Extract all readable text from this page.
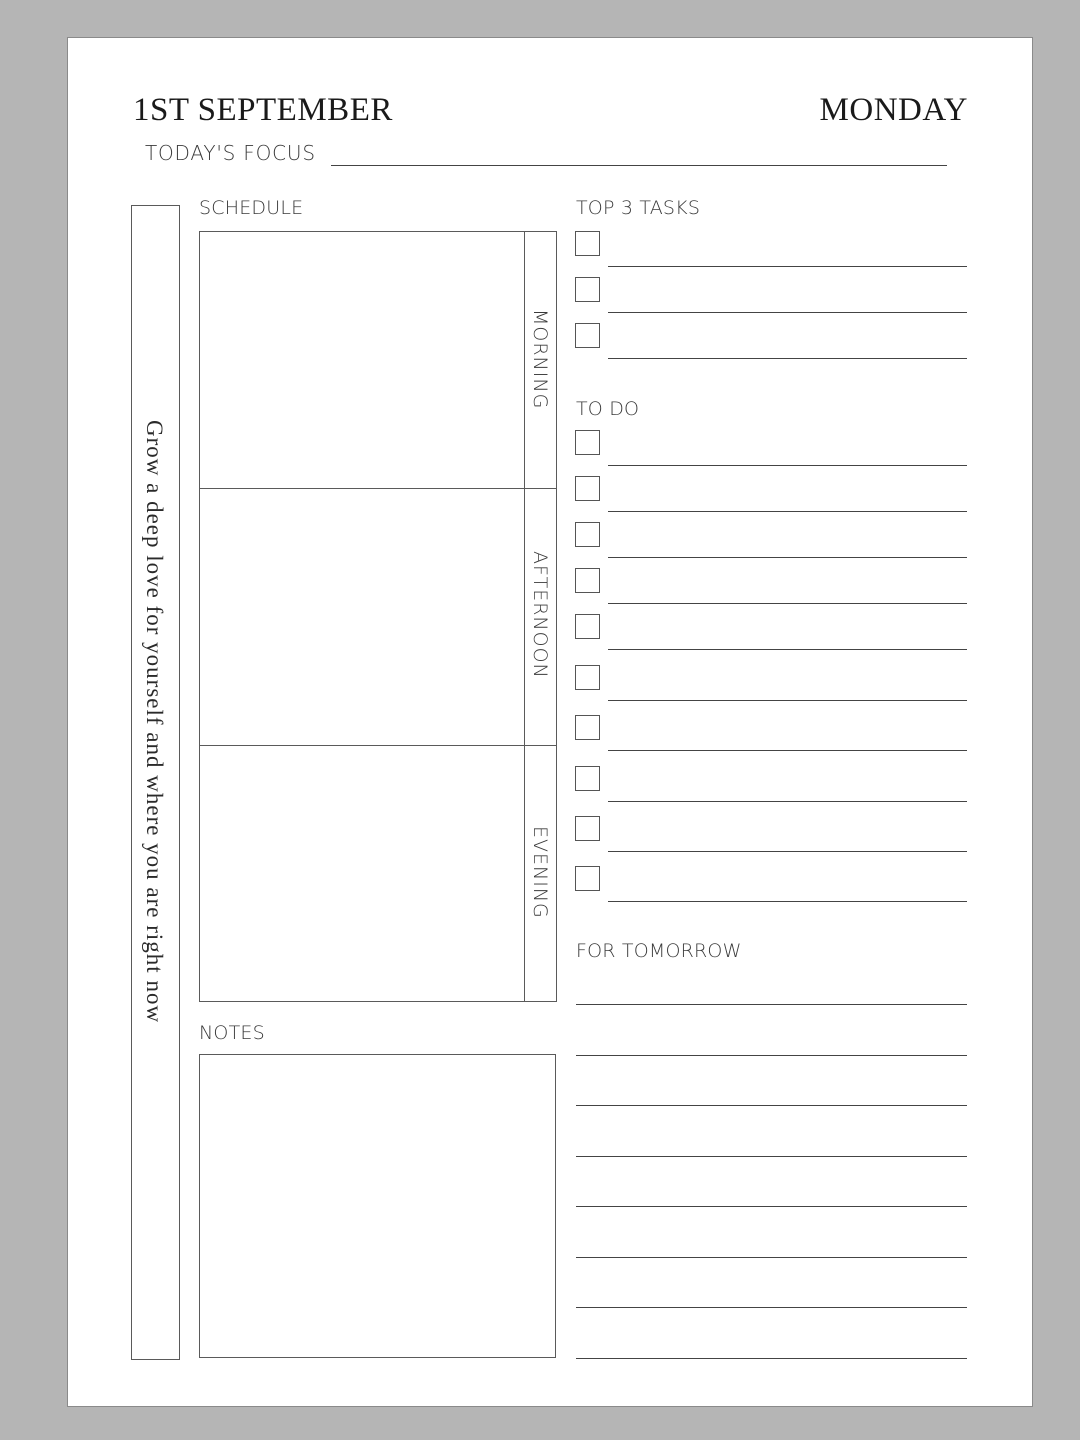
1ST SEPTEMBER	MONDAY
TODAY'S FOCUS
Grow a deep love for yourself and where you are right now
SCHEDULE
MORNING
AFTERNOON
EVENING
NOTES
TOP 3 TASKS
TO DO
FOR TOMORROW
